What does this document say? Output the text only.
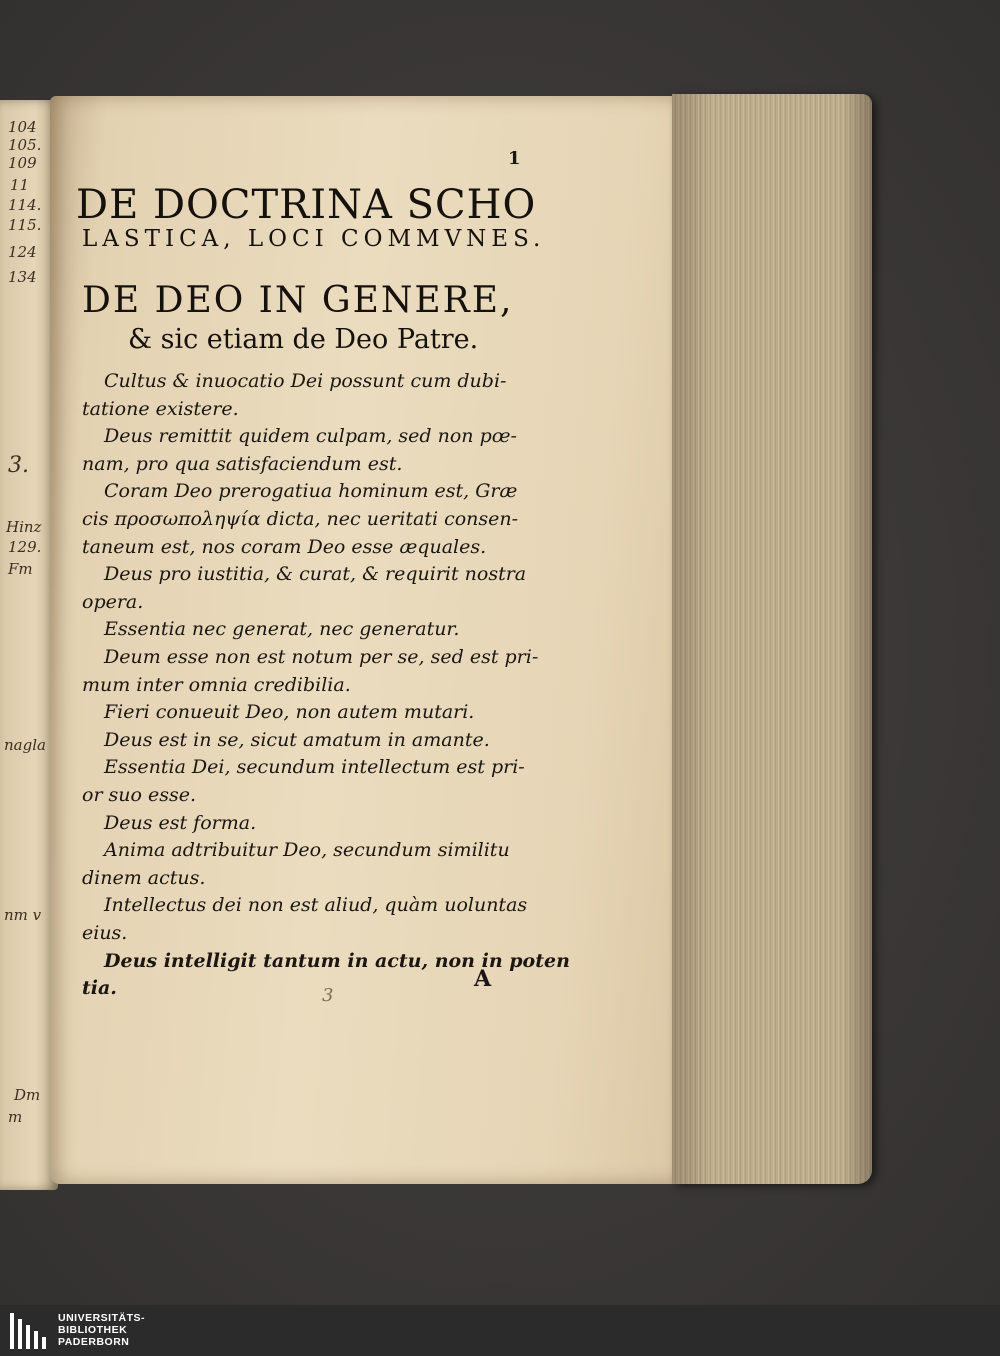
104
105.
109
11
114.
115.
124
134
3.
Hinz
129.
Fm
nagla
nm v
Dm
m
1
DE DOCTRINA SCHO
LASTICA, LOCI COMMVNES.
DE DEO IN GENERE,
& sic etiam de Deo Patre.
Cultus & inuocatio Dei possunt cum dubi-
tatione existere.
Deus remittit quidem culpam, sed non pœ-
nam, pro qua satisfaciendum est.
Coram Deo prerogatiua hominum est, Græ
cis προσωποληψία dicta, nec ueritati consen-
taneum est, nos coram Deo esse æquales.
Deus pro iustitia, & curat, & requirit nostra
opera.
Essentia nec generat, nec generatur.
Deum esse non est notum per se, sed est pri-
mum inter omnia credibilia.
Fieri conueuit Deo, non autem mutari.
Deus est in se, sicut amatum in amante.
Essentia Dei, secundum intellectum est pri-
or suo esse.
Deus est forma.
Anima adtribuitur Deo, secundum similitu
dinem actus.
Intellectus dei non est aliud, quàm uoluntas
eius.
Deus intelligit tantum in actu, non in poten
tia.	A
3
UNIVERSITÄTS-
BIBLIOTHEK
PADERBORN
